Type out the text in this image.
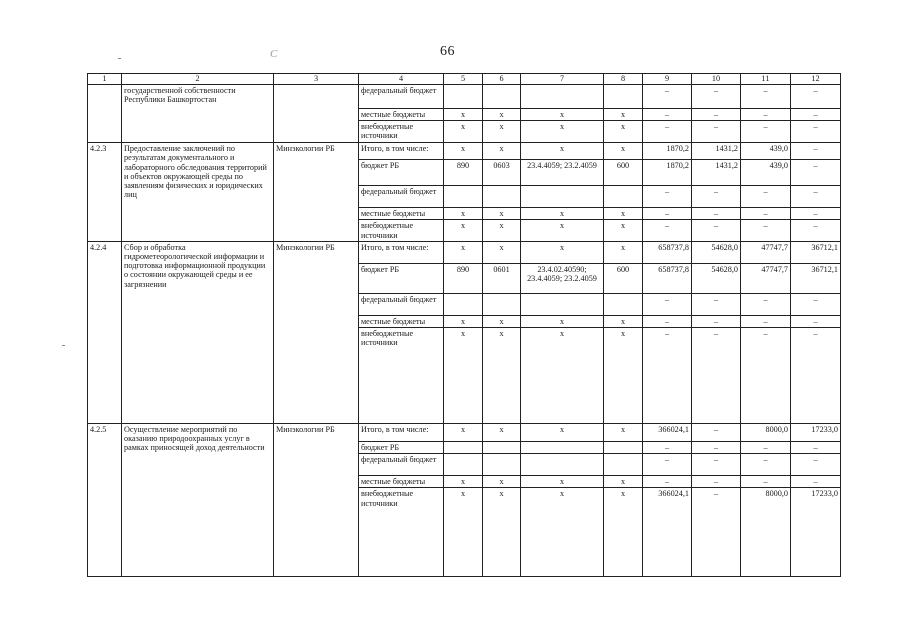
66
С
1	2	3	4	5	6	7	8	9	10	11	12
	государственной собственности Республики Башкортостан		федеральный бюджет					–	–	–	–
			местные бюджеты	x	x	x	x	–	–	–	–
			внебюджетные источники	x	x	x	x	–	–	–	–
4.2.3	Предоставление заключений по результатам документального и лабораторного обследования территорий и объектов окружающей среды по заявлениям физических и юридических лиц	Минэкологии РБ	Итого, в том числе:	x	x	x	x	1870,2	1431,2	439,0	–
			бюджет РБ	890	0603	23.4.4059; 23.2.4059	600	1870,2	1431,2	439,0	–
			федеральный бюджет					–	–	–	–
			местные бюджеты	x	x	x	x	–	–	–	–
			внебюджетные источники	x	x	x	x	–	–	–	–
4.2.4	Сбор и обработка гидрометеорологической информации и подготовка информационной продукции о состоянии окружающей среды и ее загрязнении	Минэкологии РБ	Итого, в том числе:	x	x	x	x	658737,8	54628,0	47747,7	36712,1
			бюджет РБ	890	0601	23.4.02.40590; 23.4.4059; 23.2.4059	600	658737,8	54628,0	47747,7	36712,1
			федеральный бюджет					–	–	–	–
			местные бюджеты	x	x	x	x	–	–	–	–
			внебюджетные источники	x	x	x	x	–	–	–	–
4.2.5	Осуществление мероприятий по оказанию природоохранных услуг в рамках приносящей доход деятельности	Минэкологии РБ	Итого, в том числе:	x	x	x	x	366024,1	–	8000,0	17233,0
			бюджет РБ					–	–	–	–
			федеральный бюджет					–	–	–	–
			местные бюджеты	x	x	x	x	–	–	–	–
			внебюджетные источники	x	x	x	x	366024,1	–	8000,0	17233,0
